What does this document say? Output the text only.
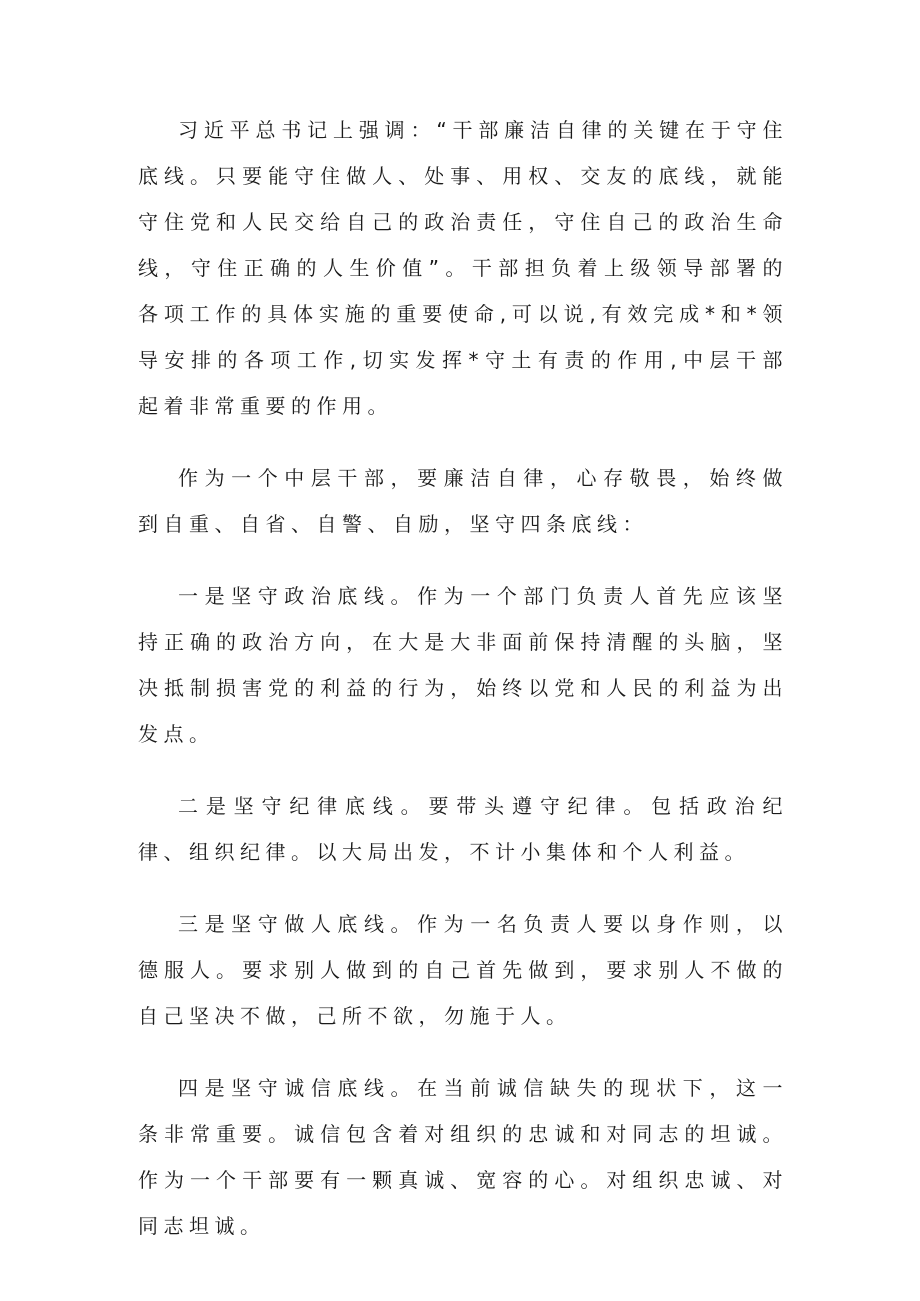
习近平总书记上强调：“干部廉洁自律的关键在于守住底线。只要能守住做人、处事、用权、交友的底线，就能守住党和人民交给自己的政治责任，守住自己的政治生命线，守住正确的人生价值”。干部担负着上级领导部署的各项工作的具体实施的重要使命,可以说,有效完成*和*领导安排的各项工作,切实发挥*守土有责的作用,中层干部起着非常重要的作用。

作为一个中层干部，要廉洁自律，心存敬畏，始终做到自重、自省、自警、自励，坚守四条底线：

一是坚守政治底线。作为一个部门负责人首先应该坚持正确的政治方向，在大是大非面前保持清醒的头脑，坚决抵制损害党的利益的行为，始终以党和人民的利益为出发点。

二是坚守纪律底线。要带头遵守纪律。包括政治纪律、组织纪律。以大局出发，不计小集体和个人利益。

三是坚守做人底线。作为一名负责人要以身作则，以德服人。要求别人做到的自己首先做到，要求别人不做的自己坚决不做，己所不欲，勿施于人。

四是坚守诚信底线。在当前诚信缺失的现状下，这一条非常重要。诚信包含着对组织的忠诚和对同志的坦诚。作为一个干部要有一颗真诚、宽容的心。对组织忠诚、对同志坦诚。
